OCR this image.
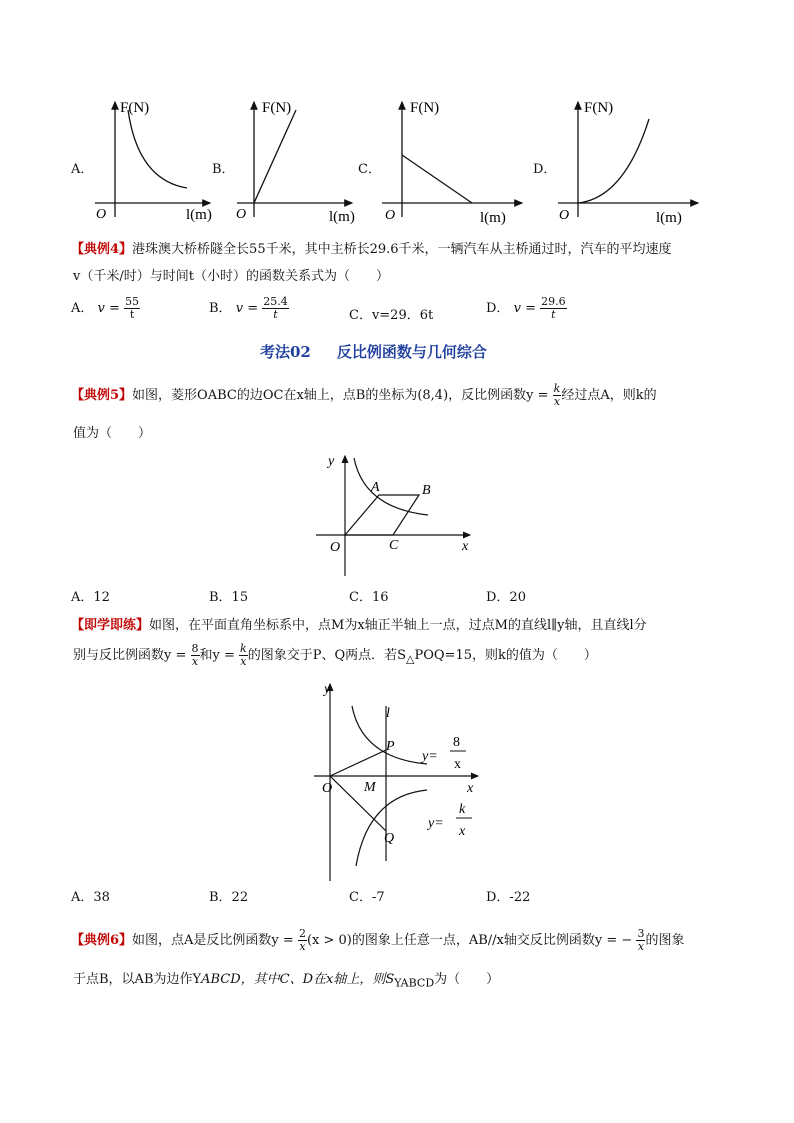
A．
F(N)
O	l(m)
B．
F(N)
O	l(m)
C．
F(N)
O	l(m)
D．
F(N)
O	l(m)
【典例4】港珠澳大桥桥隧全长55千米，其中主桥长29.6千米，一辆汽车从主桥通过时，汽车的平均速度
v（千米/时）与时间t（小时）的函数关系式为（　　）
A． $v = \frac{55}{t}$	B． $v = \frac{25.4}{t}$	C．v=29．6t	D． $v = \frac{29.6}{t}$
考法02 反比例函数与几何综合
【典例5】如图，菱形OABC的边OC在x轴上，点B的坐标为(8,4)，反比例函数$y = \frac{k}{x}$ 经过点A，则k的
值为（　　）
y
x
O
A	B
C
A．12	B．15	C．16	D．20
【即学即练】如图，在平面直角坐标系中，点M为x轴正半轴上一点，过点M的直线l∥y轴，且直线l分
别与反比例函数$y = \frac{8}{x}$ 和$y = \frac{k}{x}$ 的图象交于P、Q两点．若$S_\triangle POQ=15$，则k的值为（　　）
y
l
P
x
O M
Q
y=
8
x
y=
k
x
A．38	B．22	C．-7	D．-22
【典例6】如图，点A是反比例函数$y = \frac{2}{x} (x > 0)$的图象上任意一点，AB//x轴交反比例函数y = − $\frac{3}{x}$ 的图象
于点B，以AB为边作YABCD，其中C、D在x轴上，则$S_{YABCD}$为（　　）
